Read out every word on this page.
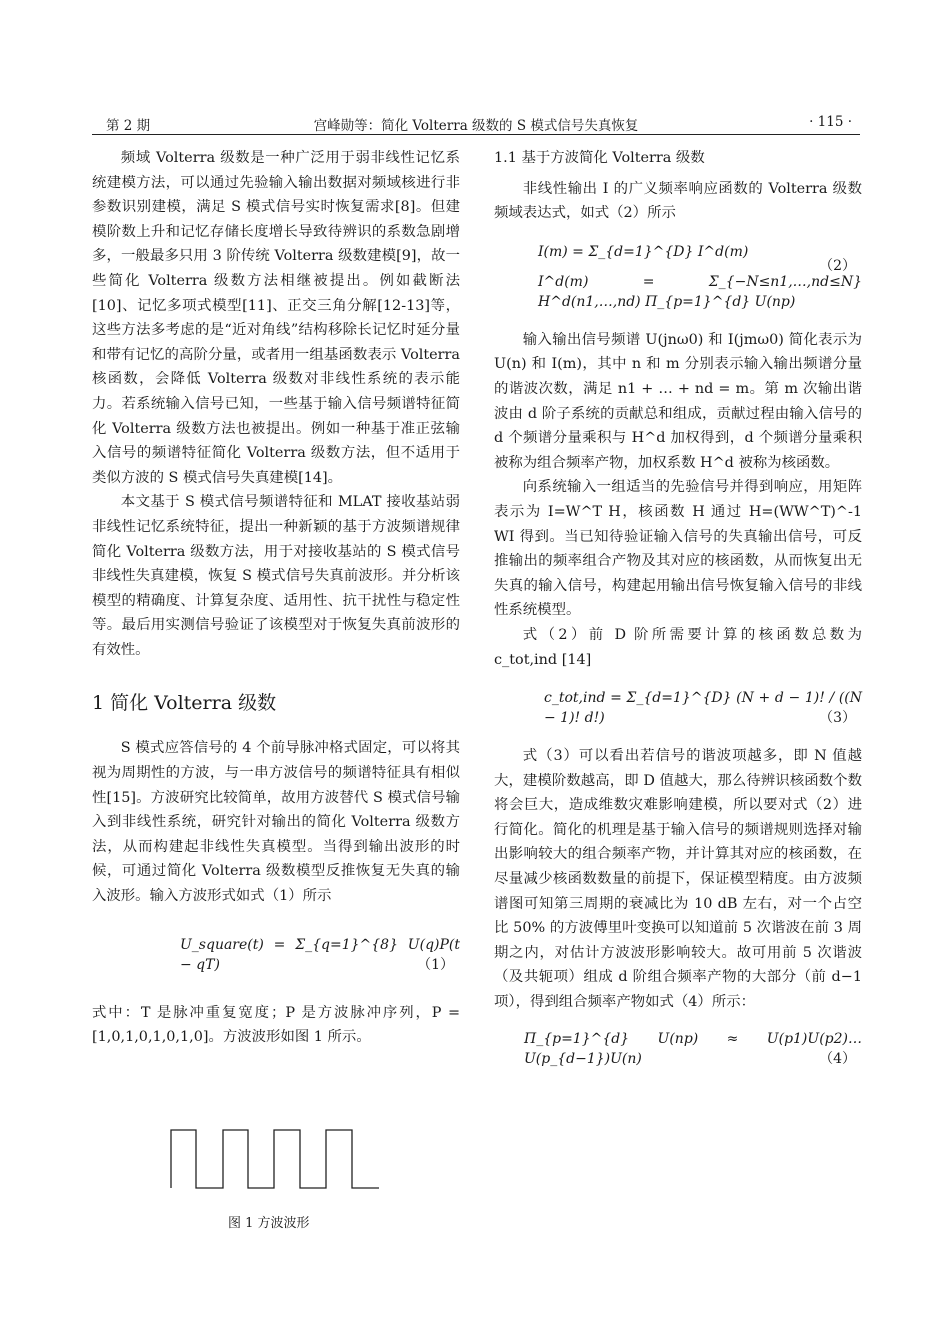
第 2 期	宫峰勋等：简化 Volterra 级数的 S 模式信号失真恢复	· 115 ·

频域 Volterra 级数是一种广泛用于弱非线性记忆系统建模方法，可以通过先验输入输出数据对频域核进行非参数识别建模，满足 S 模式信号实时恢复需求[8]。但建模阶数上升和记忆存储长度增长导致待辨识的系数急剧增多，一般最多只用 3 阶传统 Volterra 级数建模[9]，故一些简化 Volterra 级数方法相继被提出。例如截断法[10]、记忆多项式模型[11]、正交三角分解[12-13]等，这些方法多考虑的是“近对角线”结构移除长记忆时延分量和带有记忆的高阶分量，或者用一组基函数表示 Volterra 核函数，会降低 Volterra 级数对非线性系统的表示能力。若系统输入信号已知，一些基于输入信号频谱特征简化 Volterra 级数方法也被提出。例如一种基于准正弦输入信号的频谱特征简化 Volterra 级数方法，但不适用于类似方波的 S 模式信号失真建模[14]。

本文基于 S 模式信号频谱特征和 MLAT 接收基站弱非线性记忆系统特征，提出一种新颖的基于方波频谱规律简化 Volterra 级数方法，用于对接收基站的 S 模式信号非线性失真建模，恢复 S 模式信号失真前波形。并分析该模型的精确度、计算复杂度、适用性、抗干扰性与稳定性等。最后用实测信号验证了该模型对于恢复失真前波形的有效性。

1 简化 Volterra 级数

S 模式应答信号的 4 个前导脉冲格式固定，可以将其视为周期性的方波，与一串方波信号的频谱特征具有相似性[15]。方波研究比较简单，故用方波替代 S 模式信号输入到非线性系统，研究针对输出的简化 Volterra 级数方法，从而构建起非线性失真模型。当得到输出波形的时候，可通过简化 Volterra 级数模型反推恢复无失真的输入波形。输入方波形式如式（1）所示

U_square(t) = Σ_{q=1}^{8} U(q)P(t − qT)	（1）

式中：T 是脉冲重复宽度；P 是方波脉冲序列，P = [1,0,1,0,1,0,1,0]。方波波形如图 1 所示。

图 1 方波波形

1.1 基于方波简化 Volterra 级数

非线性输出 I 的广义频率响应函数的 Volterra 级数频域表达式，如式（2）所示

I(m) = Σ_{d=1}^{D} I^d(m)
I^d(m) = Σ_{−N≤n1,…,nd≤N} H^d(n1,…,nd) Π_{p=1}^{d} U(np)
（2）

输入输出信号频谱 U(jnω0) 和 I(jmω0) 简化表示为 U(n) 和 I(m)，其中 n 和 m 分别表示输入输出频谱分量的谐波次数，满足 n1 + … + nd = m。第 m 次输出谐波由 d 阶子系统的贡献总和组成，贡献过程由输入信号的 d 个频谱分量乘积与 H^d 加权得到，d 个频谱分量乘积被称为组合频率产物，加权系数 H^d 被称为核函数。

向系统输入一组适当的先验信号并得到响应，用矩阵表示为 I=W^T H，核函数 H 通过 H=(WW^T)^-1 WI 得到。当已知待验证输入信号的失真输出信号，可反推输出的频率组合产物及其对应的核函数，从而恢复出无失真的输入信号，构建起用输出信号恢复输入信号的非线性系统模型。

式（2）前 D 阶所需要计算的核函数总数为 c_tot,ind [14]

c_tot,ind = Σ_{d=1}^{D} (N + d − 1)! / ((N − 1)! d!)	（3）

式（3）可以看出若信号的谐波项越多，即 N 值越大，建模阶数越高，即 D 值越大，那么待辨识核函数个数将会巨大，造成维数灾难影响建模，所以要对式（2）进行简化。简化的机理是基于输入信号的频谱规则选择对输出影响较大的组合频率产物，并计算其对应的核函数，在尽量减少核函数数量的前提下，保证模型精度。由方波频谱图可知第三周期的衰减比为 10 dB 左右，对一个占空比 50% 的方波傅里叶变换可以知道前 5 次谐波在前 3 周期之内，对估计方波波形影响较大。故可用前 5 次谐波（及共轭项）组成 d 阶组合频率产物的大部分（前 d−1 项），得到组合频率产物如式（4）所示：

Π_{p=1}^{d} U(np) ≈ U(p1)U(p2)…U(p_{d−1})U(n)	（4）
